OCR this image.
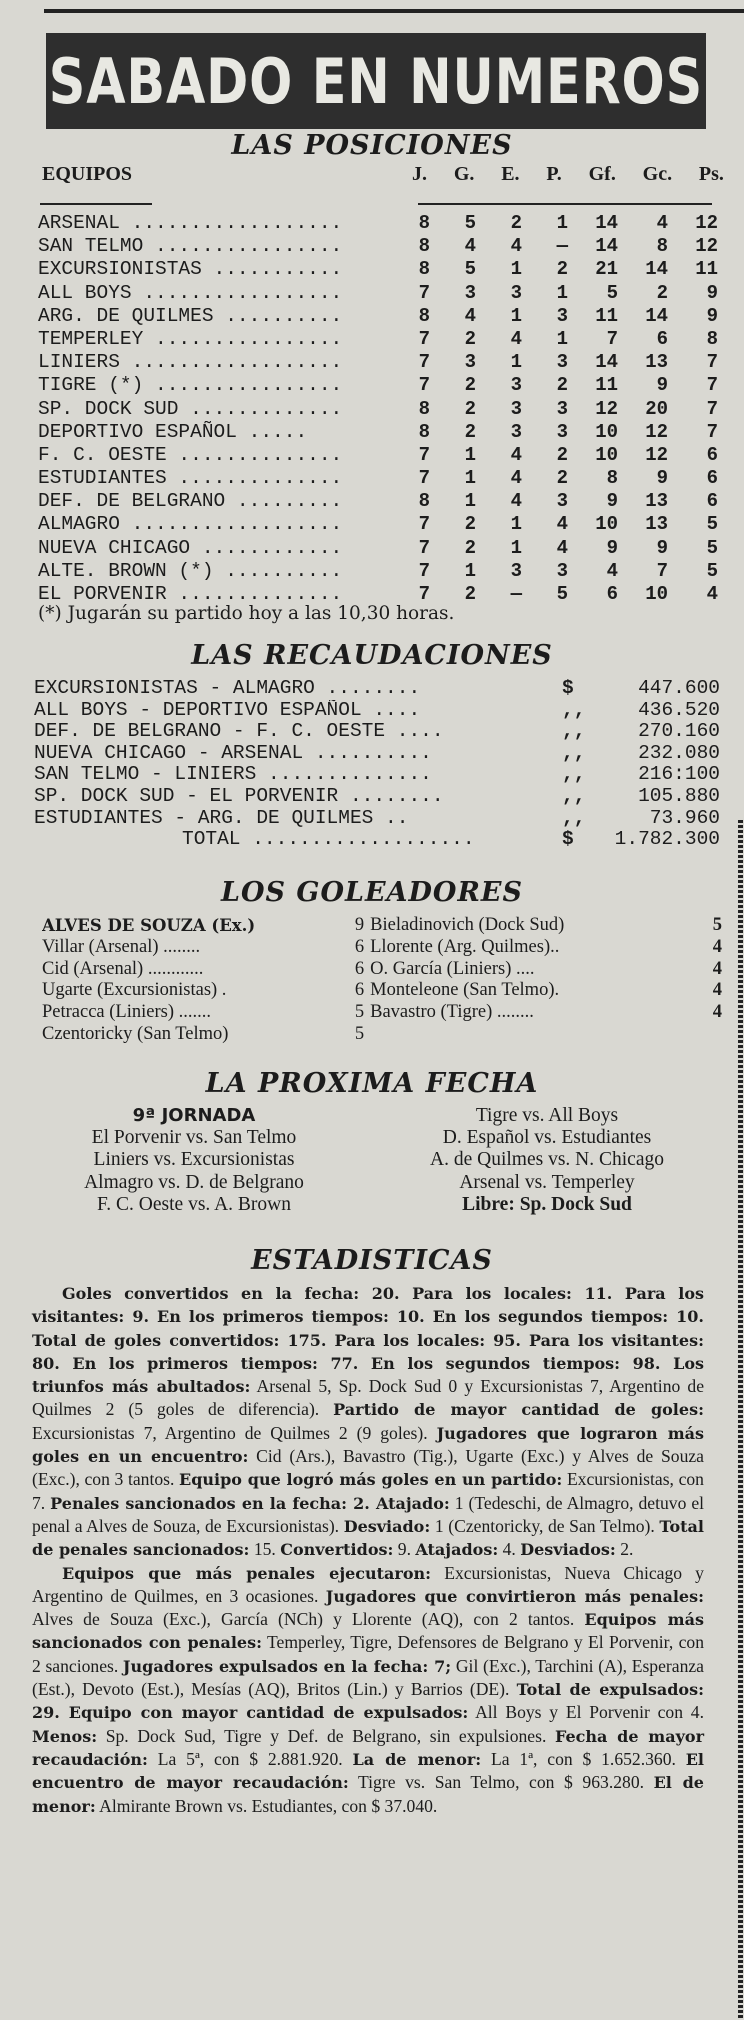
SABADO EN NUMEROS
LAS POSICIONES
EQUIPOS	J. G. E. P. Gf. Gc. Ps.
ARSENAL ..................	8	5	2	1	14	4	12
SAN TELMO ................	8	4	4	—	14	8	12
EXCURSIONISTAS ...........	8	5	1	2	21	14	11
ALL BOYS .................	7	3	3	1	5	2	9
ARG. DE QUILMES ..........	8	4	1	3	11	14	9
TEMPERLEY ................	7	2	4	1	7	6	8
LINIERS ..................	7	3	1	3	14	13	7
TIGRE (*) ................	7	2	3	2	11	9	7
SP. DOCK SUD .............	8	2	3	3	12	20	7
DEPORTIVO ESPAÑOL .....	8	2	3	3	10	12	7
F. C. OESTE ..............	7	1	4	2	10	12	6
ESTUDIANTES ..............	7	1	4	2	8	9	6
DEF. DE BELGRANO .........	8	1	4	3	9	13	6
ALMAGRO ..................	7	2	1	4	10	13	5
NUEVA CHICAGO ............	7	2	1	4	9	9	5
ALTE. BROWN (*) ..........	7	1	3	3	4	7	5
EL PORVENIR ..............	7	2	—	5	6	10	4
(*) Jugarán su partido hoy a las 10,30 horas.
LAS RECAUDACIONES
EXCURSIONISTAS - ALMAGRO ........	$	447.600
ALL BOYS - DEPORTIVO ESPAÑOL ....	,,	436.520
DEF. DE BELGRANO - F. C. OESTE ....	,,	270.160
NUEVA CHICAGO - ARSENAL ..........	,,	232.080
SAN TELMO - LINIERS ..............	,,	216:100
SP. DOCK SUD - EL PORVENIR ........	,,	105.880
ESTUDIANTES - ARG. DE QUILMES ..	,,	73.960
TOTAL ...................	$	1.782.300
LOS GOLEADORES
ALVES DE SOUZA (Ex.)	9 Bieladinovich (Dock Sud)	5
Villar (Arsenal) ........	6 Llorente (Arg. Quilmes)..	4
Cid (Arsenal) ............	6 O. García (Liniers) ....	4
Ugarte (Excursionistas) .	6 Monteleone (San Telmo).	4
Petracca (Liniers) .......	5 Bavastro (Tigre) ........	4
Czentoricky (San Telmo)	5
LA PROXIMA FECHA
9ª JORNADA
El Porvenir vs. San Telmo
Liniers vs. Excursionistas
Almagro vs. D. de Belgrano
F. C. Oeste vs. A. Brown
Tigre vs. All Boys
D. Español vs. Estudiantes
A. de Quilmes vs. N. Chicago
Arsenal vs. Temperley
Libre: Sp. Dock Sud
ESTADISTICAS

Goles convertidos en la fecha: 20. Para los locales: 11. Para los visitantes: 9. En los primeros tiempos: 10. En los segundos tiempos: 10. Total de goles convertidos: 175. Para los locales: 95. Para los visitantes: 80. En los primeros tiempos: 77. En los segundos tiempos: 98. Los triunfos más abultados: Arsenal 5, Sp. Dock Sud 0 y Excursionistas 7, Argentino de Quilmes 2 (5 goles de diferencia). Partido de mayor cantidad de goles: Excursionistas 7, Argentino de Quilmes 2 (9 goles). Jugadores que lograron más goles en un encuentro: Cid (Ars.), Bavastro (Tig.), Ugarte (Exc.) y Alves de Souza (Exc.), con 3 tantos. Equipo que logró más goles en un partido: Excursionistas, con 7. Penales sancionados en la fecha: 2. Atajado: 1 (Tedeschi, de Almagro, detuvo el penal a Alves de Souza, de Excursionistas). Desviado: 1 (Czentoricky, de San Telmo). Total de penales sancionados: 15. Convertidos: 9. Atajados: 4. Desviados: 2.

Equipos que más penales ejecutaron: Excursionistas, Nueva Chicago y Argentino de Quilmes, en 3 ocasiones. Jugadores que convirtieron más penales: Alves de Souza (Exc.), García (NCh) y Llorente (AQ), con 2 tantos. Equipos más sancionados con penales: Temperley, Tigre, Defensores de Belgrano y El Porvenir, con 2 sanciones. Jugadores expulsados en la fecha: 7; Gil (Exc.), Tarchini (A), Esperanza (Est.), Devoto (Est.), Mesías (AQ), Britos (Lin.) y Barrios (DE). Total de expulsados: 29. Equipo con mayor cantidad de expulsados: All Boys y El Porvenir con 4. Menos: Sp. Dock Sud, Tigre y Def. de Belgrano, sin expulsiones. Fecha de mayor recaudación: La 5ª, con $ 2.881.920. La de menor: La 1ª, con $ 1.652.360. El encuentro de mayor recaudación: Tigre vs. San Telmo, con $ 963.280. El de menor: Almirante Brown vs. Estudiantes, con $ 37.040.
